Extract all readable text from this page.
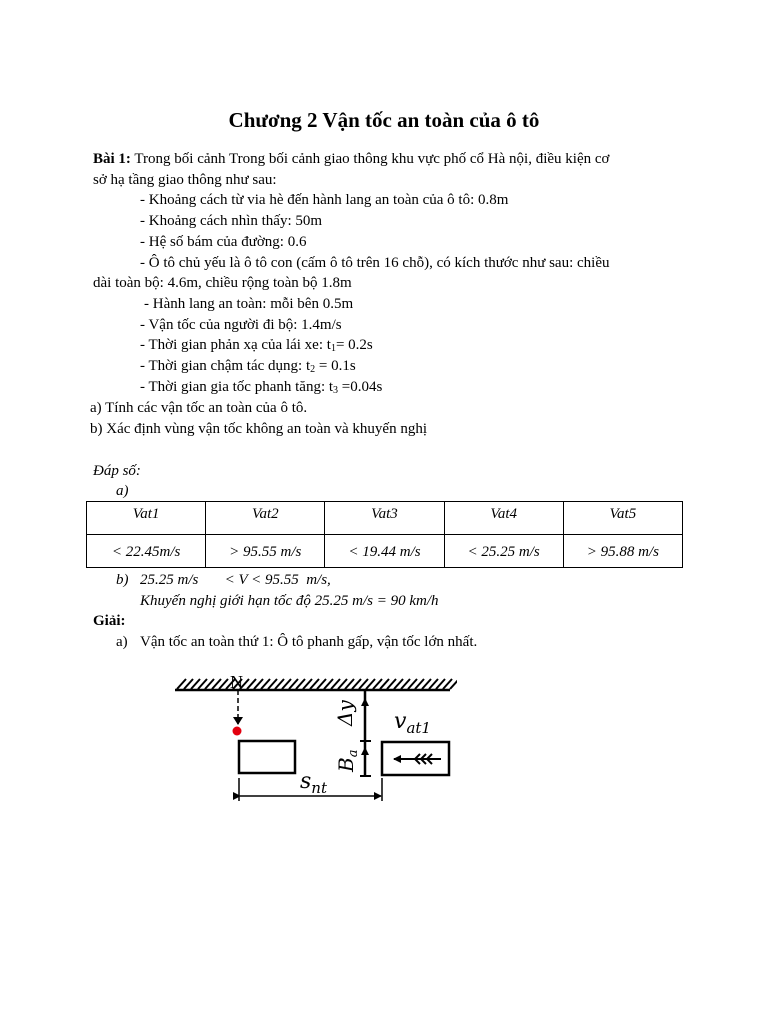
Chương 2 Vận tốc an toàn của ô tô
Bài 1: Trong bối cảnh Trong bối cảnh giao thông khu vực phố cổ Hà nội, điều kiện cơ
sở hạ tầng giao thông như sau:
- Khoảng cách từ via hè đến hành lang an toàn của ô tô: 0.8m
- Khoảng cách nhìn thấy: 50m
- Hệ số bám của đường: 0.6
- Ô tô chủ yếu là ô tô con (cấm ô tô trên 16 chỗ), có kích thước như sau: chiều
dài toàn bộ: 4.6m, chiều rộng toàn bộ 1.8m
- Hành lang an toàn: mỗi bên 0.5m
- Vận tốc của người đi bộ: 1.4m/s
- Thời gian phản xạ của lái xe: $t_1= 0.2s$
- Thời gian chậm tác dụng: $t_2 = 0.1s$
- Thời gian gia tốc phanh tăng: $t_3 =0.04s$
a) Tính các vận tốc an toàn của ô tô.
b) Xác định vùng vận tốc không an toàn và khuyến nghị
Đáp số:
a)
Vat1	Vat2	Vat3	Vat4	Vat5
< 22.45m/s	> 95.55 m/s	< 19.44 m/s	< 25.25 m/s	> 95.88 m/s
b) 25.25 m/s       < V < 95.55  m/s,
Khuyến nghị giới hạn tốc độ 25.25 m/s = 90 km/h
Giải:
a) Vận tốc an toàn thứ 1: Ô tô phanh gấp, vận tốc lớn nhất.
N
Δy
$B_a$
$v_{at1}$
$s_{nt}$
